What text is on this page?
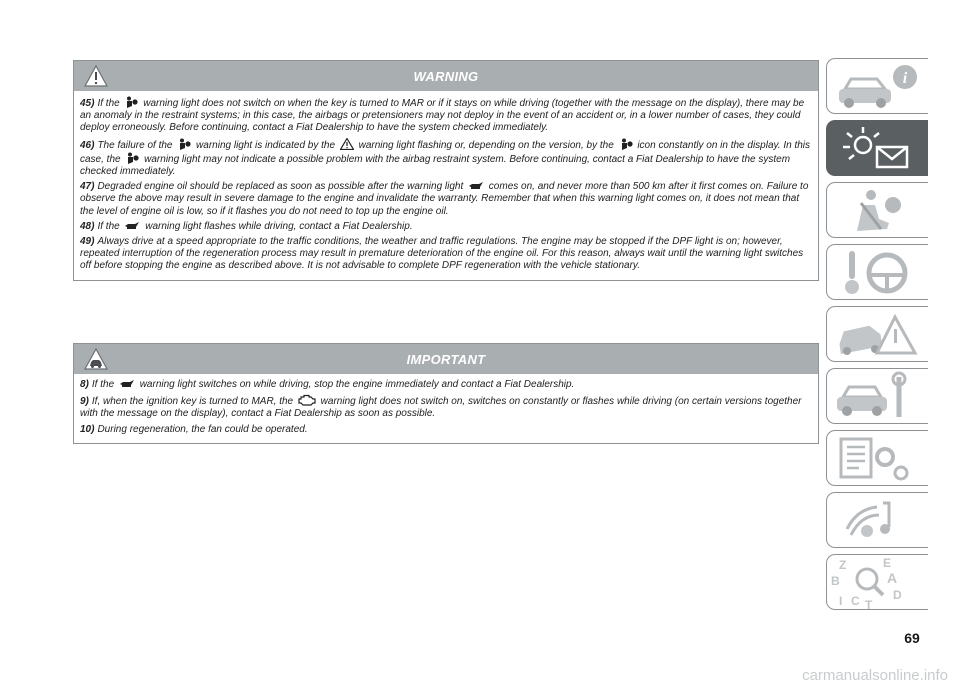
WARNING

45) If the
warning light does not switch on when the key is turned to MAR or if it stays on while driving (together with the message on the display), there may be an anomaly in the restraint systems; in this case, the airbags or pretensioners may not deploy in the event of an accident or, in a lower number of cases, they could deploy erroneously. Before continuing, contact a Fiat Dealership to have the system checked immediately.

46) The failure of the
warning light is indicated by the
warning light flashing or, depending on the version, by the
icon constantly on in the display. In this case, the
warning light may not indicate a possible problem with the airbag restraint system. Before continuing, contact a Fiat Dealership to have the system checked immediately.

47) Degraded engine oil should be replaced as soon as possible after the warning light
comes on, and never more than 500 km after it first comes on. Failure to observe the above may result in severe damage to the engine and invalidate the warranty. Remember that when this warning light comes on, it does not mean that the level of engine oil is low, so if it flashes you do not need to top up the engine oil.

48) If the
warning light flashes while driving, contact a Fiat Dealership.

49) Always drive at a speed appropriate to the traffic conditions, the weather and traffic regulations. The engine may be stopped if the DPF light is on; however, repeated interruption of the regeneration process may result in premature deterioration of the engine oil. For this reason, always wait until the warning light switches off before stopping the engine as described above. It is not advisable to complete DPF regeneration with the vehicle stationary.

IMPORTANT

8) If the
warning light switches on while driving, stop the engine immediately and contact a Fiat Dealership.

9) If, when the ignition key is turned to MAR, the
warning light does not switch on, switches on constantly or flashes while driving (on certain versions together with the message on the display), contact a Fiat Dealership as soon as possible.

10) During regeneration, the fan could be operated.

i
Z	E
B	A
C T
D
I
69
carmanualsonline.info
